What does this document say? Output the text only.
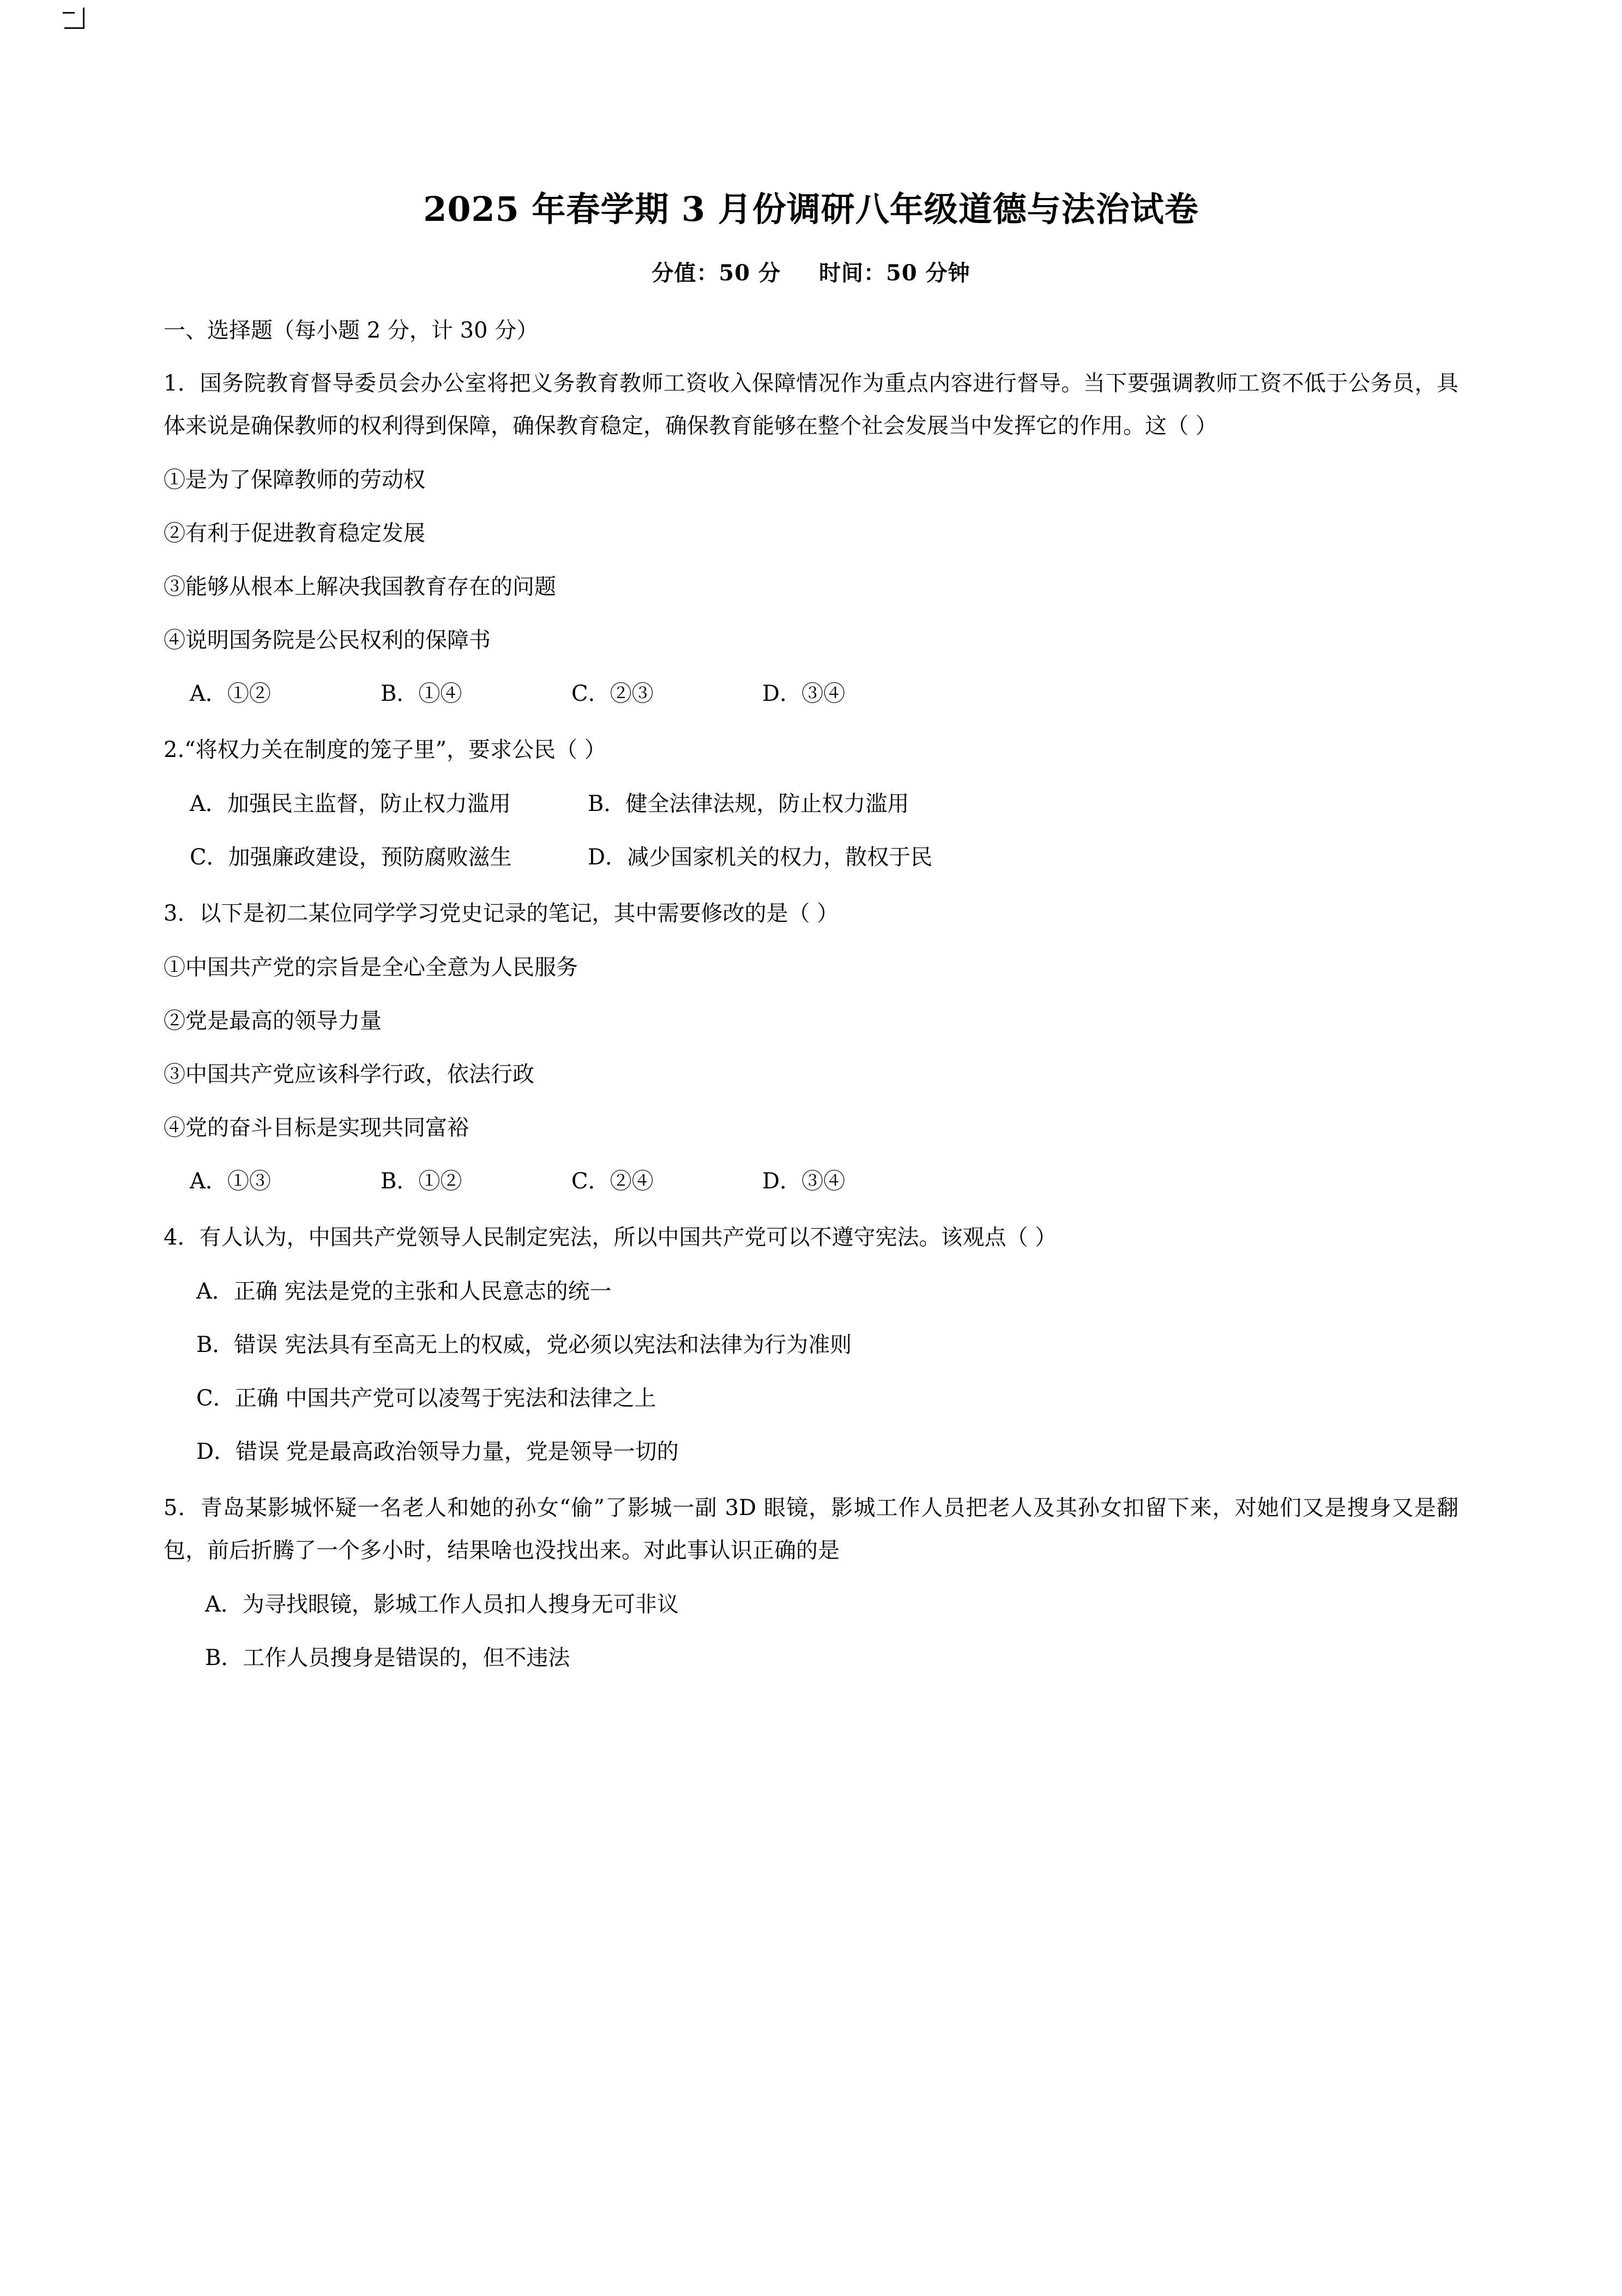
2025 年春学期 3 月份调研八年级道德与法治试卷
分值：50 分 时间：50 分钟
一、选择题（每小题 2 分，计 30 分）
1．国务院教育督导委员会办公室将把义务教育教师工资收入保障情况作为重点内容进行督导。当下要强调教师工资不低于公务员，具体来说是确保教师的权利得到保障，确保教育稳定，确保教育能够在整个社会发展当中发挥它的作用。这（ ）
①是为了保障教师的劳动权
②有利于促进教育稳定发展
③能够从根本上解决我国教育存在的问题
④说明国务院是公民权利的保障书
A．①②	B．①④	C．②③	D．③④
2.“将权力关在制度的笼子里”，要求公民（ ）
A．加强民主监督，防止权力滥用	B．健全法律法规，防止权力滥用
C．加强廉政建设，预防腐败滋生	D．减少国家机关的权力，散权于民
3．以下是初二某位同学学习党史记录的笔记，其中需要修改的是（ ）
①中国共产党的宗旨是全心全意为人民服务
②党是最高的领导力量
③中国共产党应该科学行政，依法行政
④党的奋斗目标是实现共同富裕
A．①③	B．①②	C．②④	D．③④
4．有人认为，中国共产党领导人民制定宪法，所以中国共产党可以不遵守宪法。该观点（ ）
A．正确 宪法是党的主张和人民意志的统一
B．错误 宪法具有至高无上的权威，党必须以宪法和法律为行为准则
C．正确 中国共产党可以凌驾于宪法和法律之上
D．错误 党是最高政治领导力量，党是领导一切的
5．青岛某影城怀疑一名老人和她的孙女“偷”了影城一副 3D 眼镜，影城工作人员把老人及其孙女扣留下来，对她们又是搜身又是翻包，前后折腾了一个多小时，结果啥也没找出来。对此事认识正确的是
A．为寻找眼镜，影城工作人员扣人搜身无可非议
B．工作人员搜身是错误的，但不违法
